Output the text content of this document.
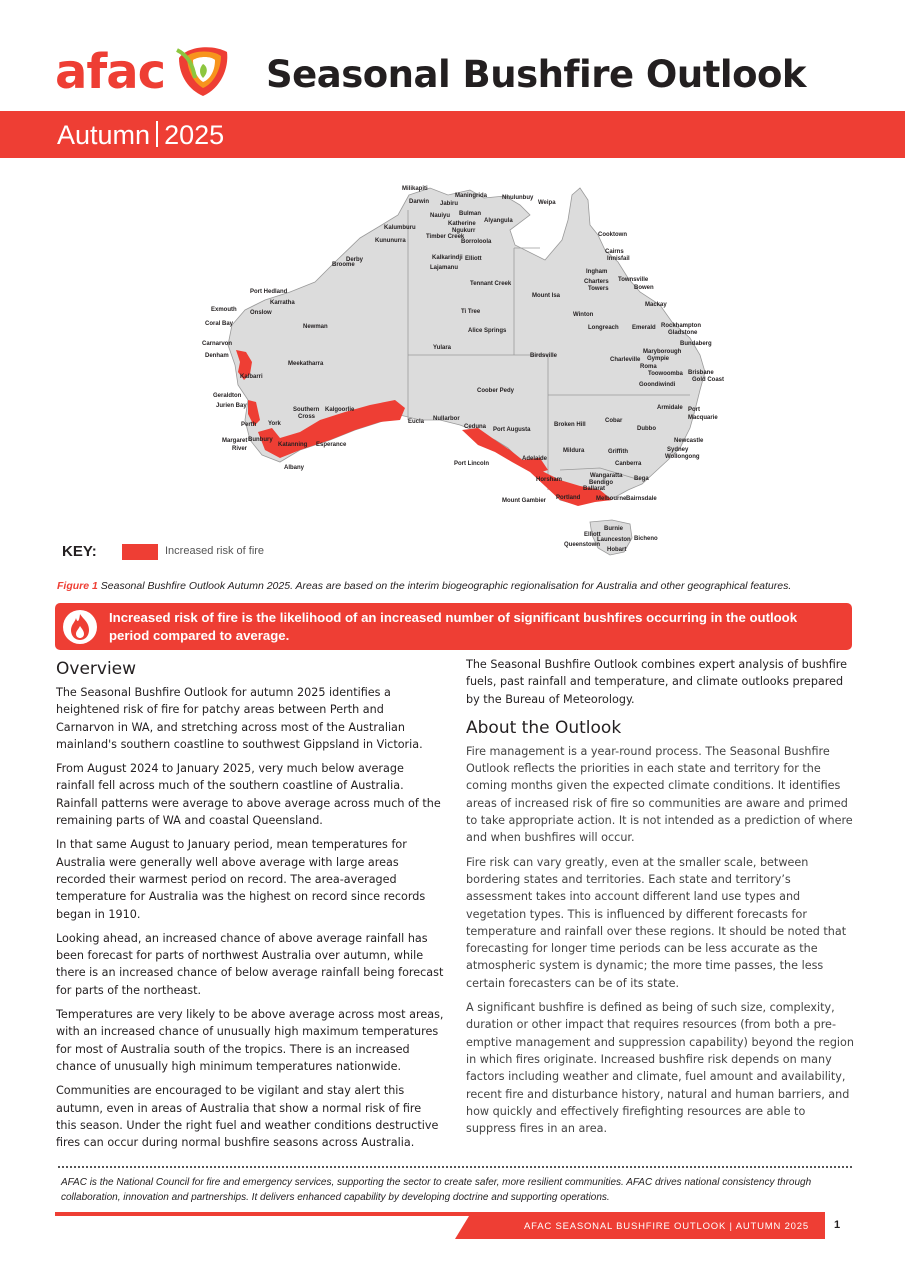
afac	Seasonal Bushfire Outlook
Autumn 2025
Milikapiti
Maningrida
Darwin Jabiru
Nhulunbuy
Weipa
Nauiyu Bulman
Katherine
Ngukurr
Alyangula
Kalumburu
Timber Creek
Kununurra	Borroloola
Cooktown
Kalkarindji Elliott
Derby
Lajamanu
Broome
Cairns
Innisfail
Ingham
Tennant Creek	Charters
Towers
Townsville
Bowen
Port Hedland
Karratha
Mount Isa
Exmouth Onslow
Mackay
Ti Tree	Winton
Coral Bay	Newman	Longreach Emerald Rockhampton
Gladstone
Alice Springs
Carnarvon	Bundaberg
Yulara
Denham	Birdsville
Maryborough
Gympie
Charleville
Roma
Meekatharra
Toowoomba Brisbane
Gold Coast
Kalbarri
Goondiwindi
Coober Pedy
Geraldton
Jurien Bay
Southern
Cross
Kalgoorlie	Armidale Port
Macquarie
Nullarbor
Eucla	Cobar
Perth York	Broken Hill
Ceduna Port Augusta	Dubbo
Margaret
River
Bunbury
Katanning Esperance
Newcastle
Sydney
Wollongong
Griffith
Mildura
Albany
Port Lincoln
Adelaide
Canberra
Wangaratta
Bendigo
Bega
Horsham
Ballarat
Portland	Melbourne Bairnsdale
Mount Gambier
Burnie
Elliott
Launceston Bicheno
Queenstown
Hobart
KEY:	Increased risk of fire
Figure 1 Seasonal Bushfire Outlook Autumn 2025. Areas are based on the interim biogeographic regionalisation for Australia and other geographical features.
Increased risk of fire is the likelihood of an increased number of significant bushfires occurring in the outlook period compared to average.
Overview

The Seasonal Bushfire Outlook for autumn 2025 identifies a heightened risk of fire for patchy areas between Perth and Carnarvon in WA, and stretching across most of the Australian mainland's southern coastline to southwest Gippsland in Victoria.

From August 2024 to January 2025, very much below average rainfall fell across much of the southern coastline of Australia. Rainfall patterns were average to above average across much of the remaining parts of WA and coastal Queensland.

In that same August to January period, mean temperatures for Australia were generally well above average with large areas recorded their warmest period on record. The area-averaged temperature for Australia was the highest on record since records began in 1910.

Looking ahead, an increased chance of above average rainfall has been forecast for parts of northwest Australia over autumn, while there is an increased chance of below average rainfall being forecast for parts of the northeast.

Temperatures are very likely to be above average across most areas, with an increased chance of unusually high maximum temperatures for most of Australia south of the tropics. There is an increased chance of unusually high minimum temperatures nationwide.

Communities are encouraged to be vigilant and stay alert this autumn, even in areas of Australia that show a normal risk of fire this season. Under the right fuel and weather conditions destructive fires can occur during normal bushfire seasons across Australia.

The Seasonal Bushfire Outlook combines expert analysis of bushfire fuels, past rainfall and temperature, and climate outlooks prepared by the Bureau of Meteorology.

About the Outlook

Fire management is a year-round process. The Seasonal Bushfire Outlook reflects the priorities in each state and territory for the coming months given the expected climate conditions. It identifies areas of increased risk of fire so communities are aware and primed to take appropriate action. It is not intended as a prediction of where and when bushfires will occur.

Fire risk can vary greatly, even at the smaller scale, between bordering states and territories. Each state and territory’s assessment takes into account different land use types and vegetation types. This is influenced by different forecasts for temperature and rainfall over these regions. It should be noted that forecasting for longer time periods can be less accurate as the atmospheric system is dynamic; the more time passes, the less certain forecasters can be of its state.

A significant bushfire is defined as being of such size, complexity, duration or other impact that requires resources (from both a pre-emptive management and suppression capability) beyond the region in which fires originate. Increased bushfire risk depends on many factors including weather and climate, fuel amount and availability, recent fire and disturbance history, natural and human barriers, and how quickly and effectively firefighting resources are able to suppress fires in an area.

AFAC is the National Council for fire and emergency services, supporting the sector to create safer, more resilient communities. AFAC drives national consistency through collaboration, innovation and partnerships. It delivers enhanced capability by developing doctrine and supporting operations.
AFAC SEASONAL BUSHFIRE OUTLOOK | AUTUMN 2025 1
